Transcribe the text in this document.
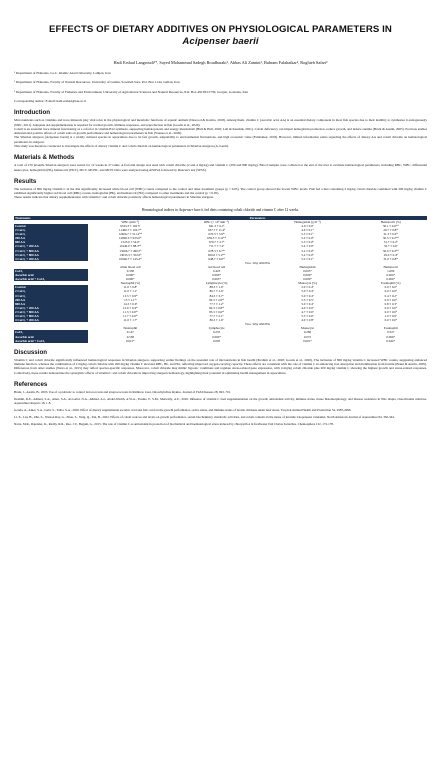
EFFECTS OF DIETARY ADDITIVES ON PHYSIOLOGICAL PARAMETERS IN
Acipenser baerii
Hadi Ershad Langroudi¹*, Sayed Mohammad Sadegh Roudbaraki¹, Abbas Ali Zamini¹, Bahram Falahatkar², Roghieh Safari³
¹ Department of Fisheries, La.C, Islamic Azad University, Lahijan, Iran
² Department of Fisheries, Faculty of Natural Resources, University of Guilan, Sowmeh Sara, P.O. Box 1144, Guilan, Iran
³ Department of Fisheries, Faculty of Fisheries and Environment, University of Agricultural Sciences and Natural Resources, P.O. Box 49138/15739, Gorgan, Golestan, Iran
Corresponding author: E-mail: hadi.ershad@iau.ac.ir
Introduction

Micronutrients such as vitamins and trace minerals play vital roles in the physiological and metabolic functions of aquatic animals (Dawood & Koshio, 2018). Among them, vitamin C (ascorbic acid, AA) is an essential dietary component in most fish species due to their inability to synthesize it endogenously (NRC, 2011). Adequate AA supplementation is required for normal growth, immune responses, and reproduction in fish (Gouda et al., 2020).

Cobalt is an essential trace mineral functioning as a cofactor in vitamin B12 synthesis, supporting hematopoiesis and energy metabolism (Hull & Hall, 2020; Lall & Kaushik, 2021). Cobalt deficiency can impair hemoglobin production, reduce growth, and induce anemia (Brunt & Austin, 2005). Previous studies demonstrated positive effects of cobalt salts on growth performance and hematological parameters in fish (Younes et al., 2020).

The Siberian sturgeon (Acipenser baerii) is a widely cultured species in aquaculture due to its fast growth, adaptability to environmental fluctuations, and high economic value (Falahatkar, 2018). However, limited information exists regarding the effects of dietary AA and cobalt chloride on hematological parameters in sturgeon.

This study was therefore conducted to investigate the effects of dietary vitamin C and cobalt chloride on hematological parameters in Siberian sturgeon (A. baerii).

Materials & Methods

A total of 270 juvenile Siberian sturgeon were reared for 12 weeks in 27 tanks. A factorial design was used with cobalt chloride (2 and 4 mg/kg) and vitamin C (200 and 800 mg/kg). Blood samples were collected at the end of the trial to evaluate hematological parameters, including RBC, WBC, differential leukocytes, hemoglobin (Hb), hematocrit (HCT), MCV, MCHC, and MCH. Data were analyzed using ANOVA followed by Duncan's test (SPSS).

Results

The inclusion of 800 mg/kg vitamin C in the diet significantly increased white blood cell (WBC) counts compared to the control and other treatment groups (p < 0.05). The control group showed the lowest WBC levels. Fish fed a diet containing 2 mg/kg cobalt chloride combined with 200 mg/kg vitamin C exhibited significantly higher red blood cell (RBC) counts, hemoglobin (Hb), and hematocrit (Hct) compared to other treatments and the control (p < 0.05).

These results indicate that dietary supplementation with vitamin C and cobalt chloride positively affects hematological parameters in Siberian sturgeon.

Hematological indices in Acipenser baerii, fed diets containing cobalt chloride and vitamin C after 12 weeks.
Treatments	Parameters			
	WBC (mm⁻³)	RBC (× 10⁶ mm⁻³)	Hemoglobin (g dl⁻¹)	Hematocrit (%)
Control	9533.3 ± 102.5ᵉ	641.3 ± 6.1ᵈ	4.9 ± 0.0ᶜ	30.1 ± 0.6ᵇᶜᵈ
2 CoCl₂	11466.7 ± 102.7ᵇᶜ	637.7 ± 11.4ᵈ	4.6 ± 0.1ᵈ	29.7 ± 0.8ᶜᵈ
4 CoCl₂	12466.7 ± 511.2ᵇᶜᵈ	670.3 ± 5.9ᵇᶜ	5.3 ± 0.1ᵇ	31.3 ± 0.6ᵇᶜ
200 AA	12800.0 ± 933.6ᵇᶜ	659.3 ± 11.6ᵇᶜᵈ	5.2 ± 0.0ᵇ	30.3 ± 0.2ᵇᶜᵈ
800 AA	1525.0 ± 54.0ᵃ	679.7 ± 2.7ᵇ	5.3 ± 0.0ᵇ	31.7 ± 0.2ᵇ
2 CoCl₂ + 200 AA	11640.0 ± 88.3ᶜᵈᵉ	711.7 ± 7.2ᵃ	5.4 ± 0.0ᵃ	33.7 ± 0.6ᵃ
2 CoCl₂ + 800 AA	13266.7 ± 490.5ᵇ	678.3 ± 6.7ᵇᶜ	5.2 ± 0.0ᵇ	30.0 ± 0.4ᵇᶜᵈ
4 CoCl₂ + 800 AA	13033.3 ± 352.0ᵇ	656.0 ± 5.2ᵇᶜᵈ	5.2 ± 0.0ᵇ	29.0 ± 0.4ᵈ
4 CoCl₂ + 200 AA	10666.7 ± 143.4ᶜᵈ	648.7 ± 9.0ᶜᵈ	5.2 ± 0.1ᵇ	31.0 ± 0.8ᵇᶜ
	Two- Way ANOVA			
	white blood cell	red blood cell	Hemoglobin	Hematocrit
CoCl₂	0.338	0.423	0.003*	1.000
Ascorbic acid	0.000*	0.000*	0.000*	0.004*
Ascorbic acid + CoCl₂	0.000*	0.003*	0.000*	0.000*
	Neutrophil (%)	Lymphocyte (%)	Monocyte (%)	Eosinophil (%)
Control	11.0 ± 0.8ᵃ	88.3 ± 1.6ᵃ	2.0 ± 0.4ᵇ	0.0 ± 0.0ᵇ
2 CoCl₂	11.0 ± 1.1ᵃ	86.7 ± 2.6ᵃ	5.0 ± 0.4ᵃ	0.0 ± 0.0ᵇ
4 CoCl₂	13.3 ± 0.9ᵃᵇ	84.3 ± 2.7ᵃ	5.0 ± 0.4ᵃ	0.4 ± 0.2ᵃ
200 AA	13 ± 1.1ᵃᵇ	82.3 ± 2.0ᵃᵇ	5.3 ± 0.5ᵃ	0.0 ± 0.0ᵇ
800 AA	14.3 ± 0.6ᵃ	77.7 ± 1.2ᵇ	5.0 ± 0.4ᵃ	0.8 ± 0.3ᵃ
2 CoCl₂ + 200 AA	12.0 ± 0.4ᵃᵇ	82.3 ± 0.8ᵃᵇ	4.0 ± 0.0ᵃ	0.0 ± 0.0ᵇ
2 CoCl₂ + 800 AA	11.3 ± 0.6ᵃᵇ	83.3 ± 0.6ᵃᵇ	4.7 ± 0.6ᵃ	0.0 ± 0.0ᵇ
4 CoCl₂ + 800 AA	11.7 ± 0.6ᵃᵇ	77.7 ± 2.1ᵇ	5.3 ± 0.6ᵃ	1.0 ± 0.6ᵃ
4 CoCl₂ + 200 AA	11.0 ± 1.7ᵃ	86.3 ± 1.6ᵃ	4.0 ± 0.8ᵃ	0.0 ± 0.0ᵇ
	Two- Way ANOVA			
	Neutrophil	Lymphocyte	Monocyte	Eosinophil
CoCl₂	0.147	0.255	0.280	0.527
Ascorbic acid	0.558	0.000*	0.072	0.000*
Ascorbic acid + CoCl₂	0.015*	0.095	0.001*	0.044*
Discussion

Vitamin C and cobalt chloride significantly influenced hematological responses in Siberian sturgeon, supporting earlier findings on the essential role of microutrients in fish health (Ibrahim et al., 2020; Gouda et al., 2020). The inclusion of 800 mg/kg vitamin C increased WBC counts, suggesting enhanced immune function, whereas the combination of 2 mg/kg cobalt chloride with 200 mg/kg vitamin C elevated RBC, Hb, and Hct, reflecting improved oxygen-carrying capacity. These effects are consistent with the role of vitamin C in enhancing iron absorption and mobilization from ferritin (Brunt & Austin, 2005). Differences from other studies (Narra et al., 2015) may reflect species-specific responses. Moreover, cobalt chloride may mimic hypoxic conditions and regulate stress-related gene expression, with 4 mg/kg cobalt chloride plus 200 mg/kg vitamin C showing the highest growth and stress-related responses. Collectively, these results demonstrate the synergistic effects of vitamin C and cobalt chloride in improving sturgeon hematology, highlighting their potential in optimizing health management in aquaculture.

References

Brunt, J., Austin, B., 2005. Use of a probiotic to control lactococcosis and streptococcosis in Rainbow trout, Oncorhynchus mykiss. Journal of Fish Diseases 28, 693–701.

Ibrahim, R.E., Ahmed, S.A., Amer, S.A., Al-Gabri, N.A., Ahmed, A.I., Abdel-Warith, A.W.A., Younis, E. S.M., Metwally, A.E., 2020. Influence of vitamin C feed supplementation on the growth, antioxidant activity, immune status, tissue histomorphology, and disease resistance in Nile tilapia, Oreochromis niloticus. Aquaculture Reports 18, 1-8.

Gouda, A., Amer, S.A., Gabr, S., Tolba, S.A., 2020. Effect of dietary supplemental ascorbic acid and folic acid on the growth performance, redox status, and immune status of broiler chickens under heat stress. Tropical Animal Health and Production 52, 2987-2996.

Li, X., Liu, H., Zhu, Z., Watson Ray, G., Zhou, S., Yang, Q., Tan, B., 2022. Effects of cobalt sources and levels on growth performance, serum biochemistry, metabolic activities, and cobalt contents in the tissue of juvenile Litopenaeus vannamei. North American Journal of Aquaculture 84, 336-344.

Narra, M.R., Rajender, K., Reddy, R.R., Rao, J.V., Begum, G., 2015. The role of vitamin C as antioxidant in protection of biochemical and haematological stress induced by chlorpyrifos in freshwater fish Clarias batrachus. Chemosphere 132, 172-178.
